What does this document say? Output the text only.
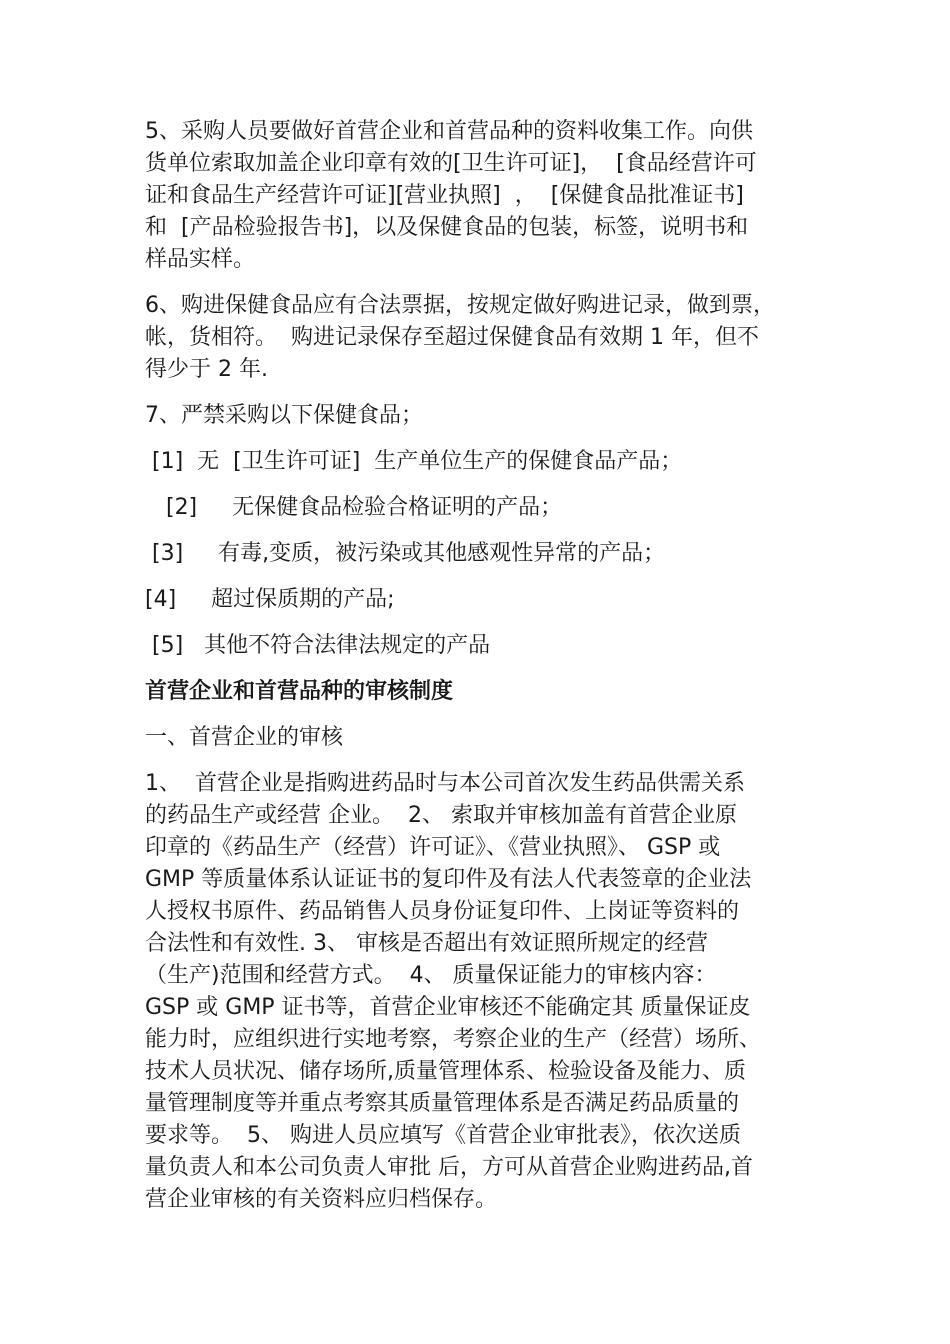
5、采购人员要做好首营企业和首营品种的资料收集工作。向供
货单位索取加盖企业印章有效的[卫生许可证]，  [食品经营许可
证和食品生产经营许可证][营业执照]  ，  [保健食品批准证书]
和  [产品检验报告书]，以及保健食品的包装，标签，说明书和
样品实样。
6、购进保健食品应有合法票据，按规定做好购进记录，做到票，
帐，货相符。  购进记录保存至超过保健食品有效期 1 年，但不
得少于 2 年.
7、严禁采购以下保健食品；
[1]  无  [卫生许可证]  生产单位生产的保健食品产品；
[2]     无保健食品检验合格证明的产品；
[3]     有毒,变质，被污染或其他感观性异常的产品；
[4]     超过保质期的产品;
[5]   其他不符合法律法规定的产品
首营企业和首营品种的审核制度
一、首营企业的审核
1、  首营企业是指购进药品时与本公司首次发生药品供需关系
的药品生产或经营 企业。  2、 索取并审核加盖有首营企业原
印章的《药品生产（经营）许可证》、《营业执照》、 GSP 或
GMP 等质量体系认证证书的复印件及有法人代表签章的企业法
人授权书原件、药品销售人员身份证复印件、上岗证等资料的
合法性和有效性. 3、 审核是否超出有效证照所规定的经营
（生产)范围和经营方式。  4、 质量保证能力的审核内容：
GSP 或 GMP 证书等，首营企业审核还不能确定其 质量保证皮
能力时，应组织进行实地考察，考察企业的生产（经营）场所、
技术人员状况、储存场所,质量管理体系、检验设备及能力、质
量管理制度等并重点考察其质量管理体系是否满足药品质量的
要求等。  5、 购进人员应填写《首营企业审批表》，依次送质
量负责人和本公司负责人审批 后，方可从首营企业购进药品,首
营企业审核的有关资料应归档保存。
